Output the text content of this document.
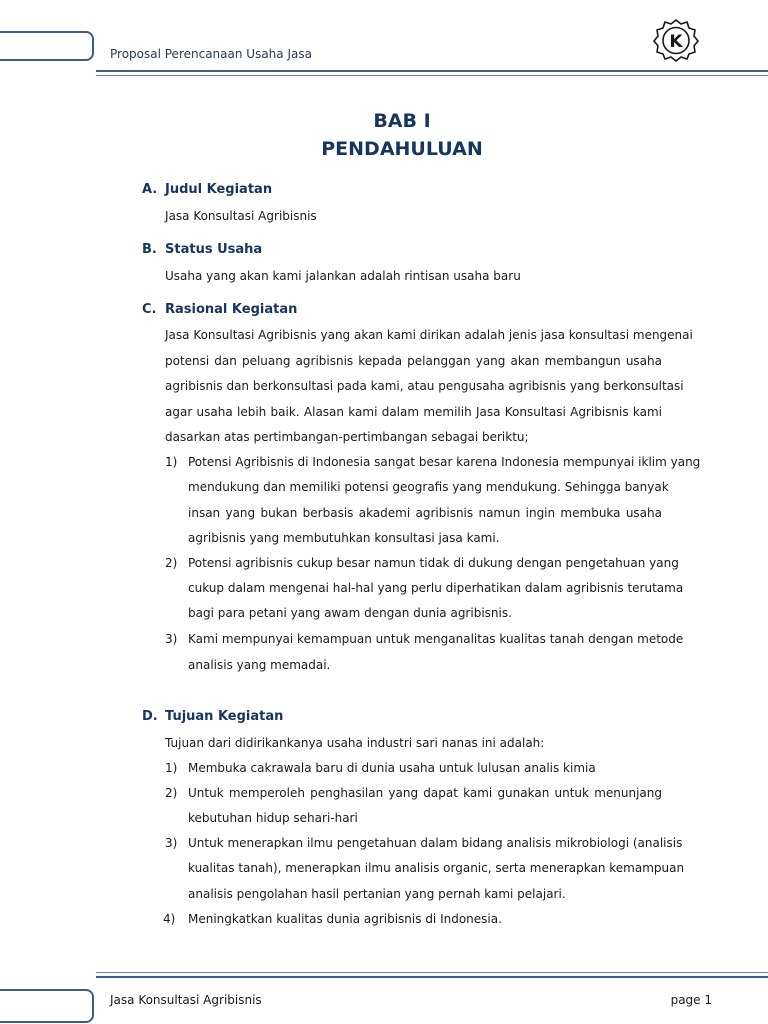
Proposal Perencanaan Usaha Jasa
K
BAB I
PENDAHULUAN
A. Judul Kegiatan
Jasa Konsultasi Agribisnis
B. Status Usaha
Usaha yang akan kami jalankan adalah rintisan usaha baru
C. Rasional Kegiatan
Jasa Konsultasi Agribisnis yang akan kami dirikan adalah jenis jasa konsultasi mengenai
potensi dan peluang agribisnis kepada pelanggan yang akan membangun usaha
agribisnis dan berkonsultasi pada kami, atau pengusaha agribisnis yang berkonsultasi
agar usaha lebih baik. Alasan kami dalam memilih Jasa Konsultasi Agribisnis kami
dasarkan atas pertimbangan-pertimbangan sebagai beriktu;
1) Potensi Agribisnis di Indonesia sangat besar karena Indonesia mempunyai iklim yang
mendukung dan memiliki potensi geografis yang mendukung. Sehingga banyak
insan yang bukan berbasis akademi agribisnis namun ingin membuka usaha
agribisnis yang membutuhkan konsultasi jasa kami.
2) Potensi agribisnis cukup besar namun tidak di dukung dengan pengetahuan yang
cukup dalam mengenai hal-hal yang perlu diperhatikan dalam agribisnis terutama
bagi para petani yang awam dengan dunia agribisnis.
3) Kami mempunyai kemampuan untuk menganalitas kualitas tanah dengan metode
analisis yang memadai.
D. Tujuan Kegiatan
Tujuan dari didirikankanya usaha industri sari nanas ini adalah:
1) Membuka cakrawala baru di dunia usaha untuk lulusan analis kimia
2) Untuk memperoleh penghasilan yang dapat kami gunakan untuk menunjang
kebutuhan hidup sehari-hari
3) Untuk menerapkan ilmu pengetahuan dalam bidang analisis mikrobiologi (analisis
kualitas tanah), menerapkan ilmu analisis organic, serta menerapkan kemampuan
analisis pengolahan hasil pertanian yang pernah kami pelajari.
4) Meningkatkan kualitas dunia agribisnis di Indonesia.
Jasa Konsultasi Agribisnis	page 1
